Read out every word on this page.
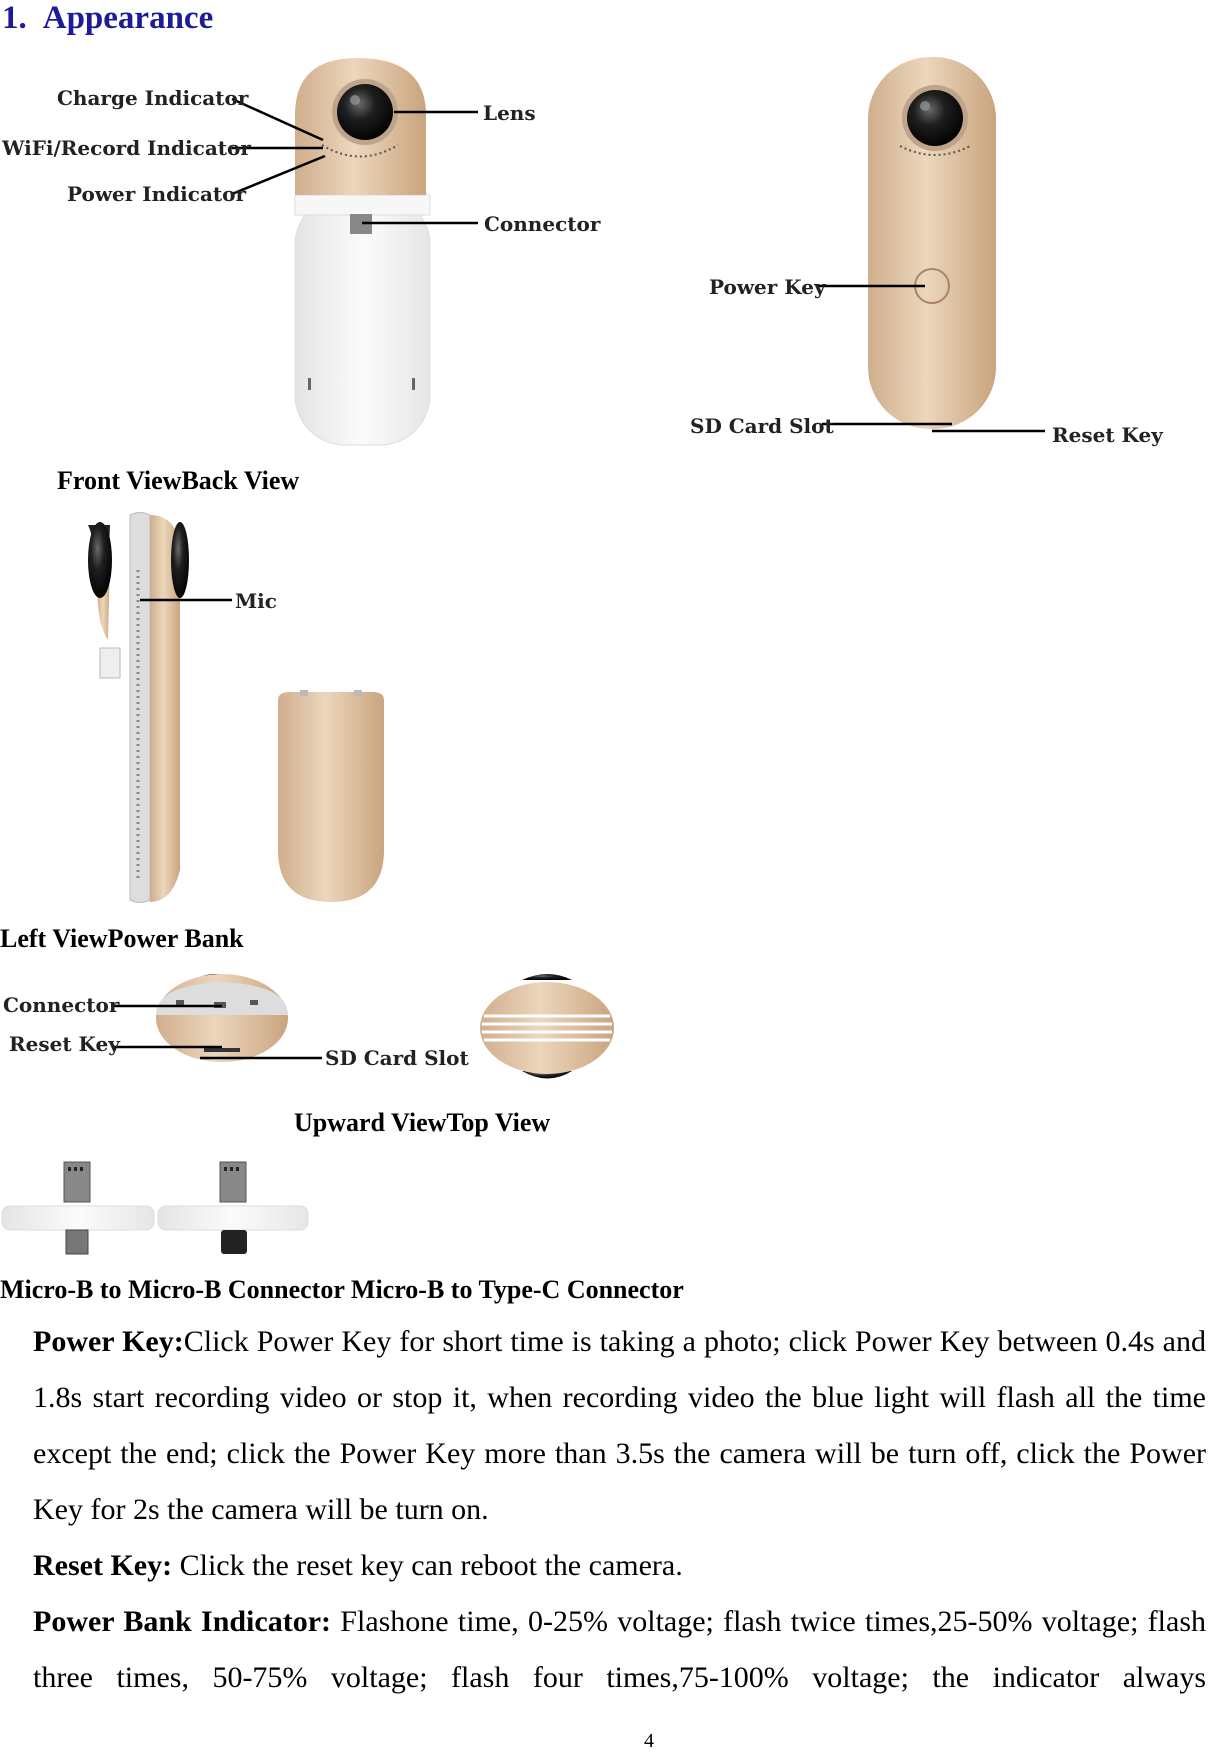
1. Appearance
Charge Indicator
WiFi/Record Indicator
Power Indicator
Lens
Connector
Power Key
SD Card Slot	Reset Key
Mic
Connector
Reset Key
SD Card Slot
Front ViewBack View
Left ViewPower Bank
Upward ViewTop View
Micro-B to Micro-B Connector Micro-B to Type-C Connector

Power Key:Click Power Key for short time is taking a photo; click Power Key between 0.4s and 1.8s start recording video or stop it, when recording video the blue light will flash all the time except the end; click the Power Key more than 3.5s the camera will be turn off, click the Power Key for 2s the camera will be turn on.

Reset Key: Click the reset key can reboot the camera.

Power Bank Indicator: Flashone time, 0-25% voltage; flash twice times,25-50% voltage; flash three times, 50-75% voltage; flash four times,75-100% voltage; the indicator always

4
